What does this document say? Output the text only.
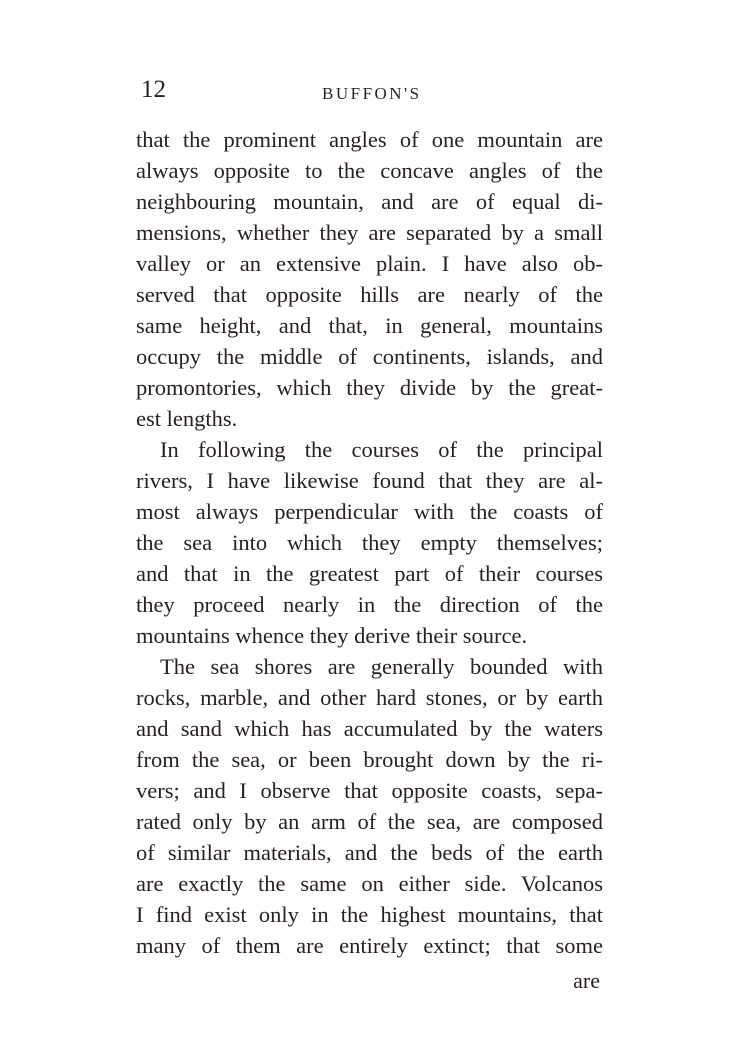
12	BUFFON'S
that the prominent angles of one mountain are
always opposite to the concave angles of the
neighbouring mountain, and are of equal di-
mensions, whether they are separated by a small
valley or an extensive plain. I have also ob-
served that opposite hills are nearly of the
same height, and that, in general, mountains
occupy the middle of continents, islands, and
promontories, which they divide by the great-
est lengths.
In following the courses of the principal
rivers, I have likewise found that they are al-
most always perpendicular with the coasts of
the sea into which they empty themselves;
and that in the greatest part of their courses
they proceed nearly in the direction of the
mountains whence they derive their source.
The sea shores are generally bounded with
rocks, marble, and other hard stones, or by earth
and sand which has accumulated by the waters
from the sea, or been brought down by the ri-
vers; and I observe that opposite coasts, sepa-
rated only by an arm of the sea, are composed
of similar materials, and the beds of the earth
are exactly the same on either side. Volcanos
I find exist only in the highest mountains, that
many of them are entirely extinct; that some
are
